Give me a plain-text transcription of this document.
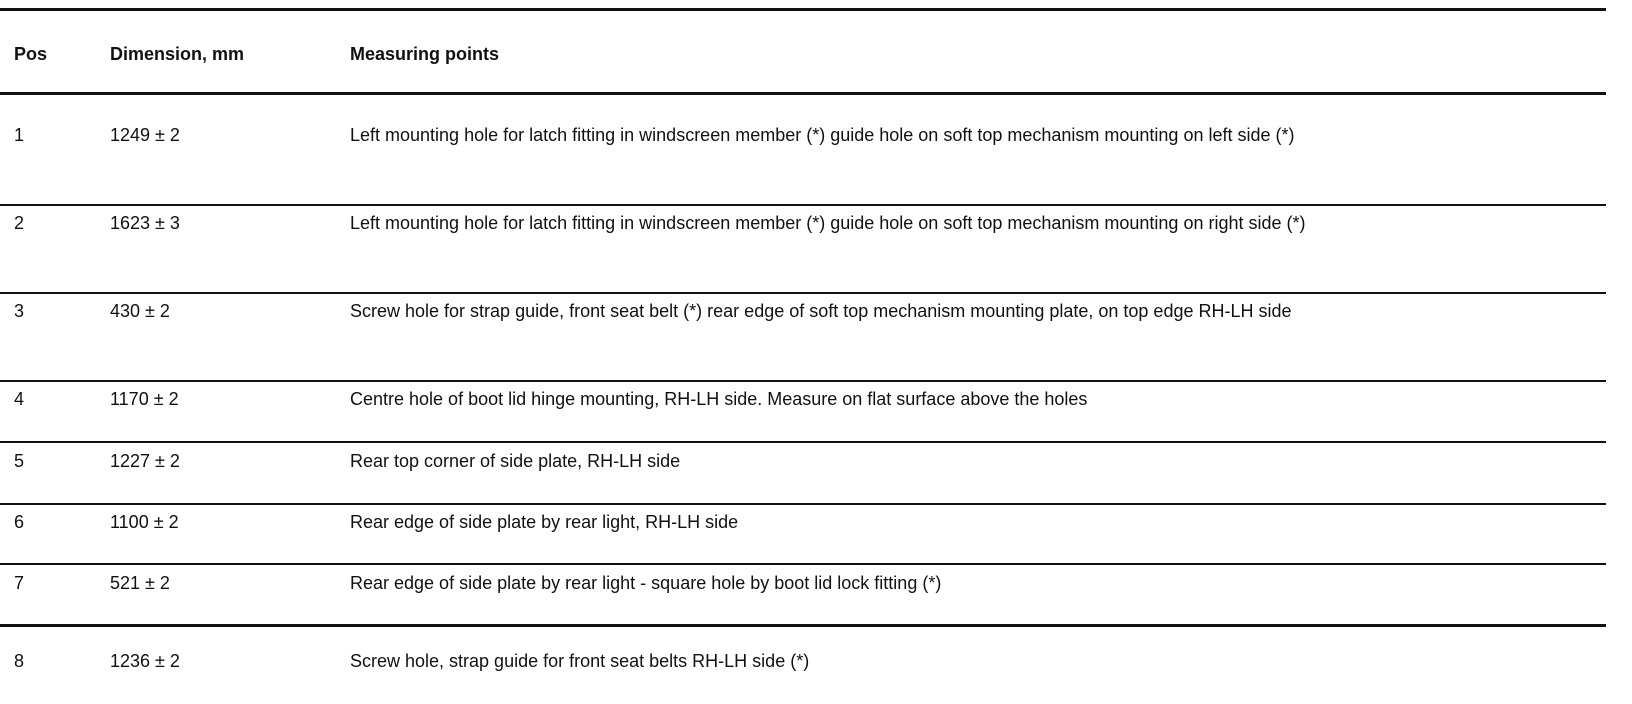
Pos	Dimension, mm	Measuring points
1	1249 ± 2	Left mounting hole for latch fitting in windscreen member (*) guide hole on soft top mechanism mounting on left side (*)
2	1623 ± 3	Left mounting hole for latch fitting in windscreen member (*) guide hole on soft top mechanism mounting on right side (*)
3	430 ± 2	Screw hole for strap guide, front seat belt (*) rear edge of soft top mechanism mounting plate, on top edge RH-LH side
4	1170 ± 2	Centre hole of boot lid hinge mounting, RH-LH side. Measure on flat surface above the holes
5	1227 ± 2	Rear top corner of side plate, RH-LH side
6	1100 ± 2	Rear edge of side plate by rear light, RH-LH side
7	521 ± 2	Rear edge of side plate by rear light - square hole by boot lid lock fitting (*)
8	1236 ± 2	Screw hole, strap guide for front seat belts RH-LH side (*)
